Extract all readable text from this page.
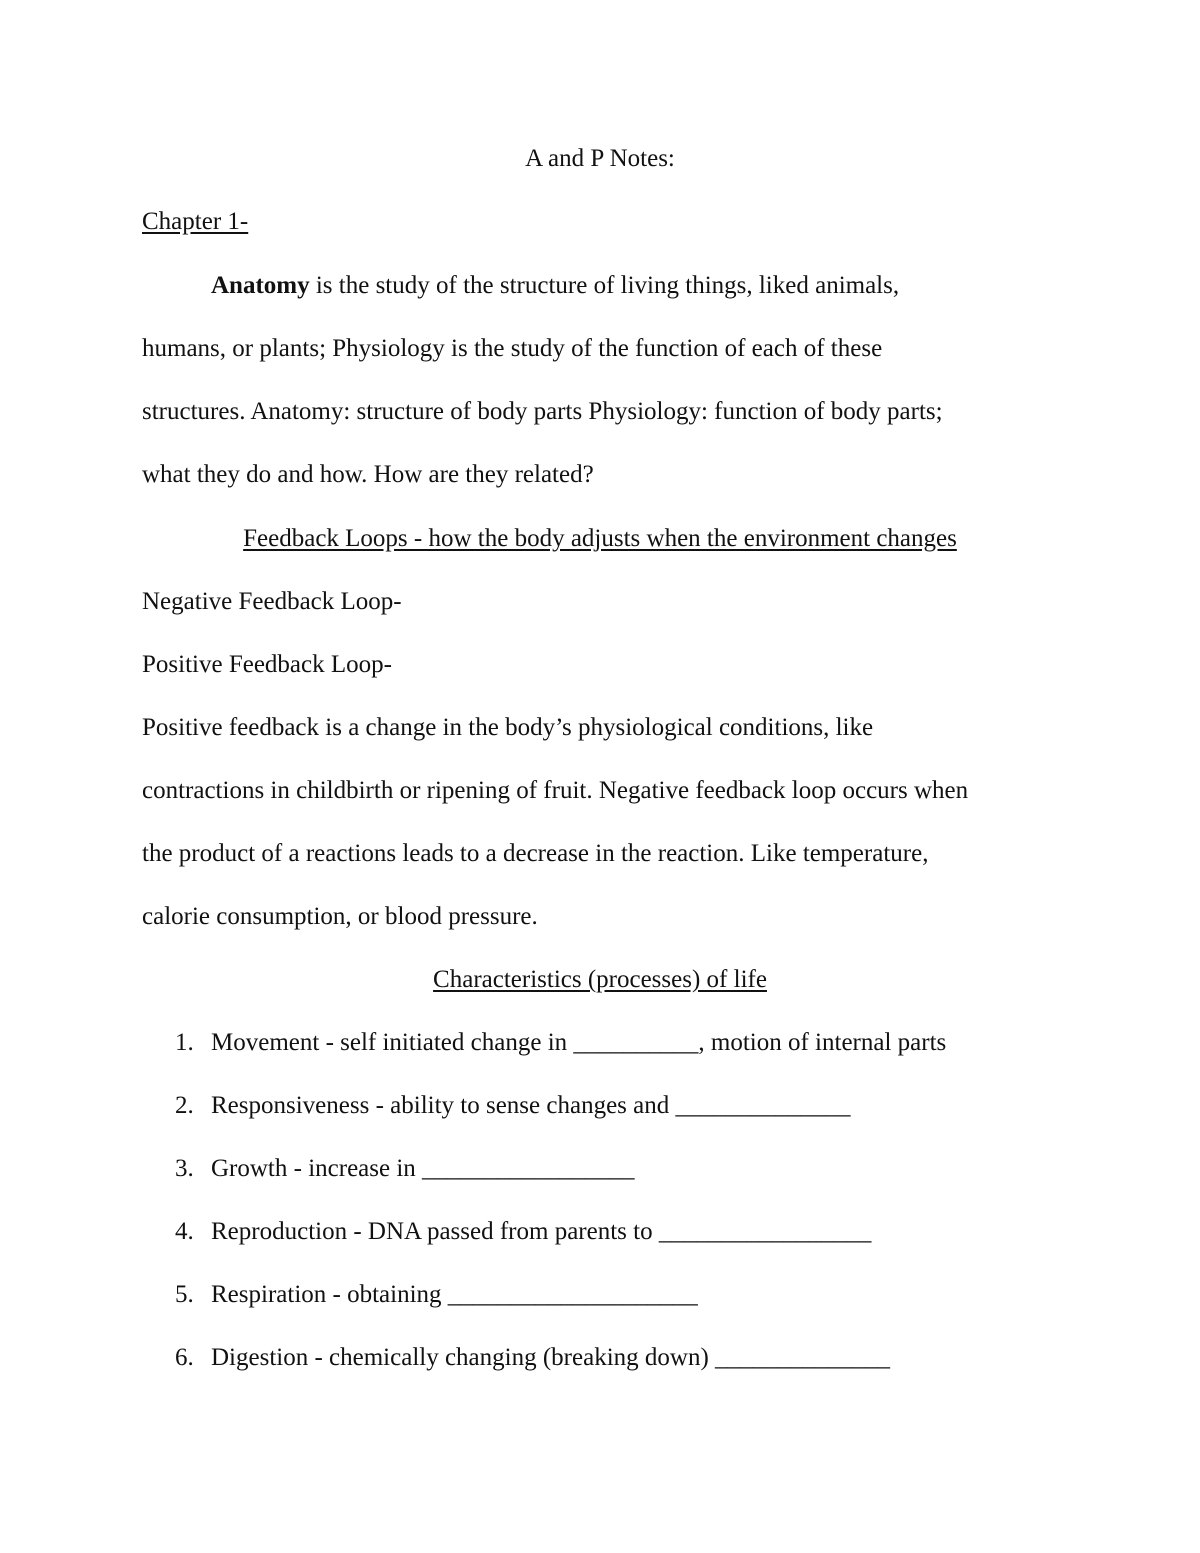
A and P Notes:
Chapter 1-
Anatomy is the study of the structure of living things, liked animals,
humans, or plants; Physiology is the study of the function of each of these
structures. Anatomy: structure of body parts Physiology: function of body parts;
what they do and how. How are they related?
Feedback Loops - how the body adjusts when the environment changes
Negative Feedback Loop-
Positive Feedback Loop-
Positive feedback is a change in the body’s physiological conditions, like
contractions in childbirth or ripening of fruit. Negative feedback loop occurs when
the product of a reactions leads to a decrease in the reaction. Like temperature,
calorie consumption, or blood pressure.
Characteristics (processes) of life
1. Movement - self initiated change in __________, motion of internal parts
2. Responsiveness - ability to sense changes and ______________
3. Growth - increase in _________________
4. Reproduction - DNA passed from parents to _________________
5. Respiration - obtaining ____________________
6. Digestion - chemically changing (breaking down) ______________
